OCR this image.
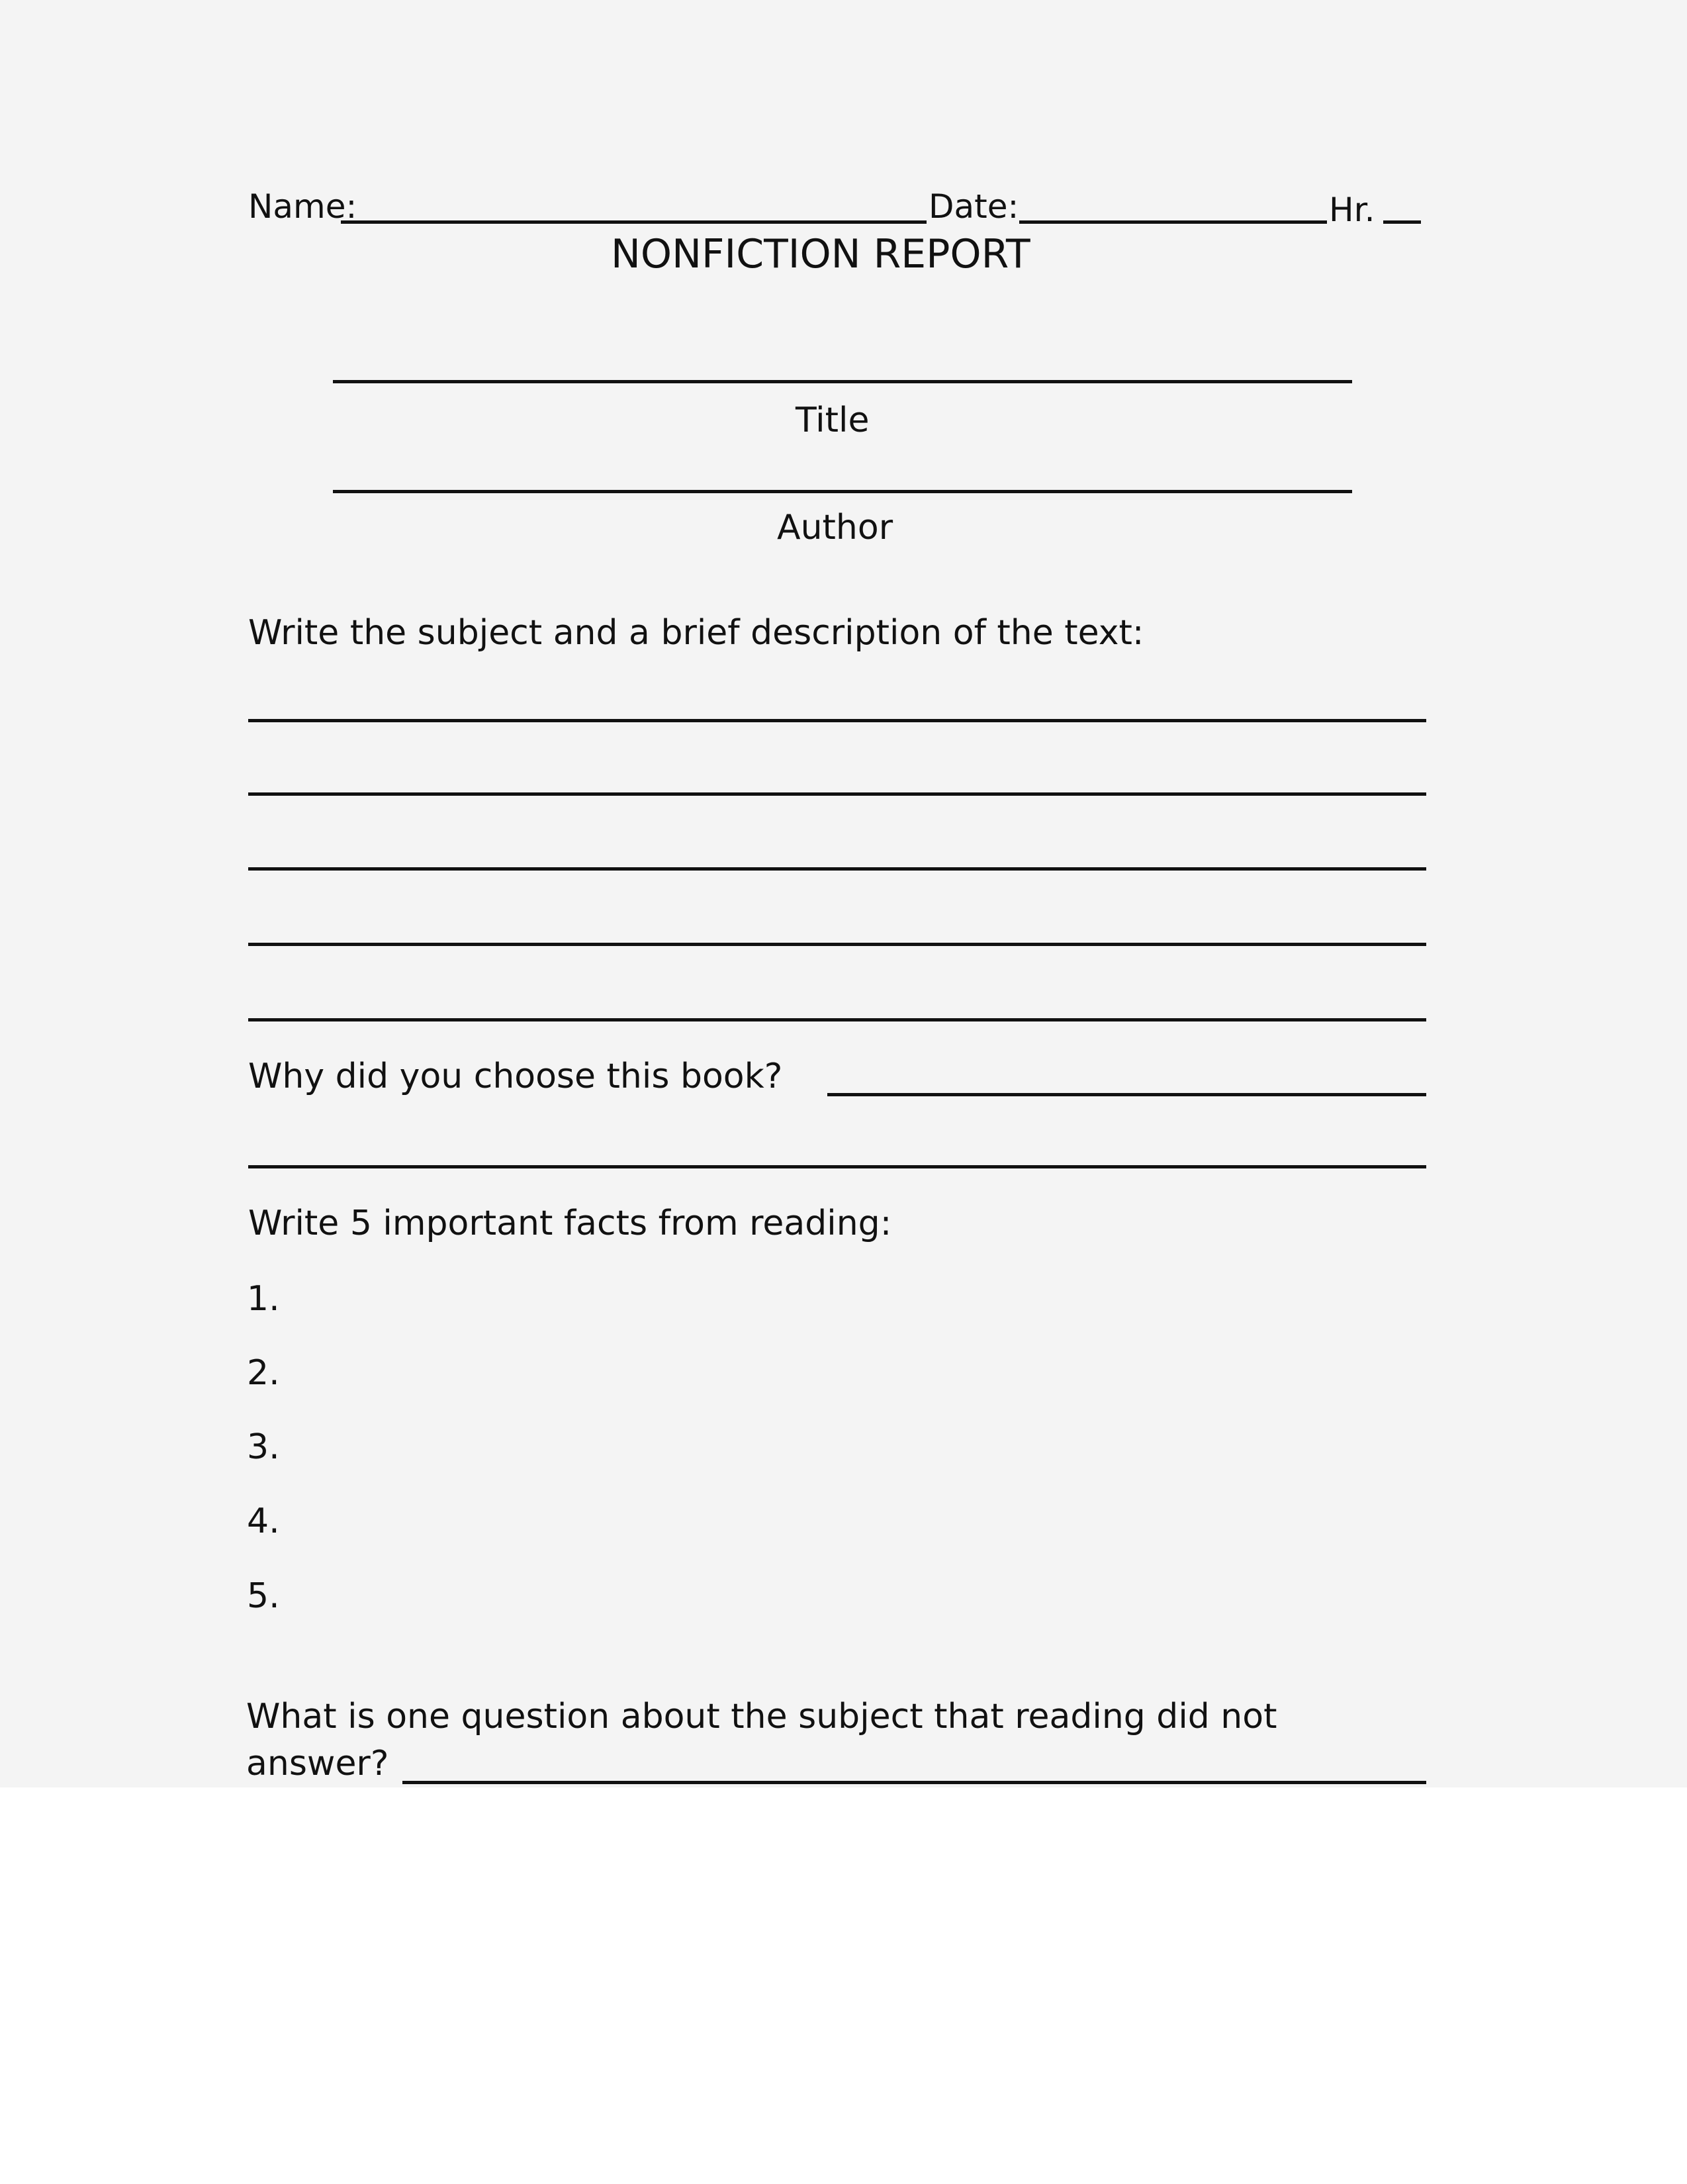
Name:	Date:	Hr.
NONFICTION REPORT
Title
Author
Write the subject and a brief description of the text:
Why did you choose this book?
Write 5 important facts from reading:
1.
2.
3.
4.
5.
What is one question about the subject that reading did not
answer?
